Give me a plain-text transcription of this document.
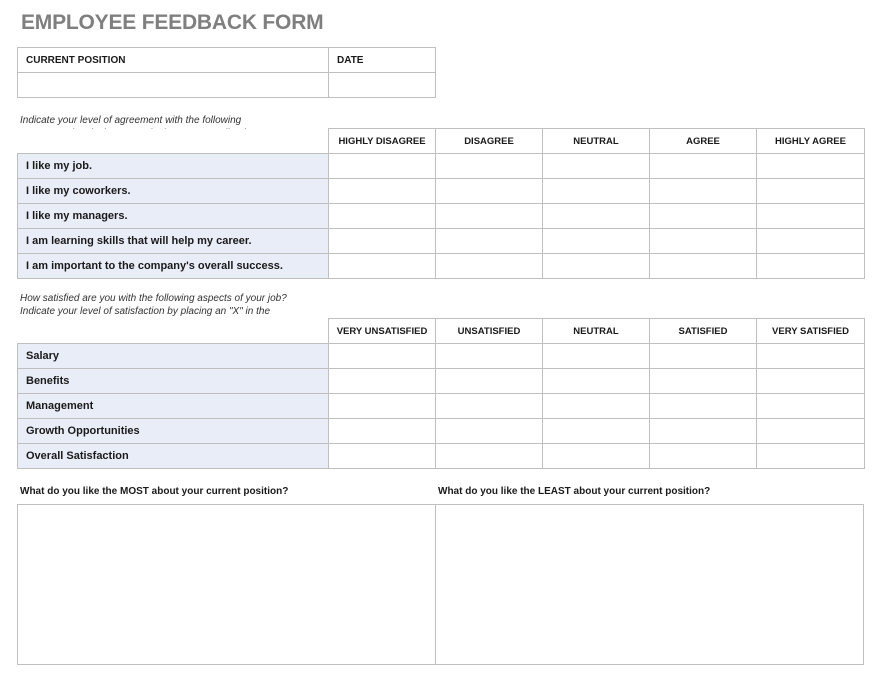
EMPLOYEE FEEDBACK FORM
CURRENT POSITION	DATE

Indicate your level of agreement with the following
	HIGHLY DISAGREE	DISAGREE	NEUTRAL	AGREE	HIGHLY AGREE
I like my job.					
I like my coworkers.					
I like my managers.					
I am learning skills that will help my career.					
I am important to the company's overall success.					
How satisfied are you with the following aspects of your job?
Indicate your level of satisfaction by placing an "X" in the
	VERY UNSATISFIED	UNSATISFIED	NEUTRAL	SATISFIED	VERY SATISFIED
Salary					
Benefits					
Management					
Growth Opportunities					
Overall Satisfaction					
What do you like the MOST about your current position?	What do you like the LEAST about your current position?
